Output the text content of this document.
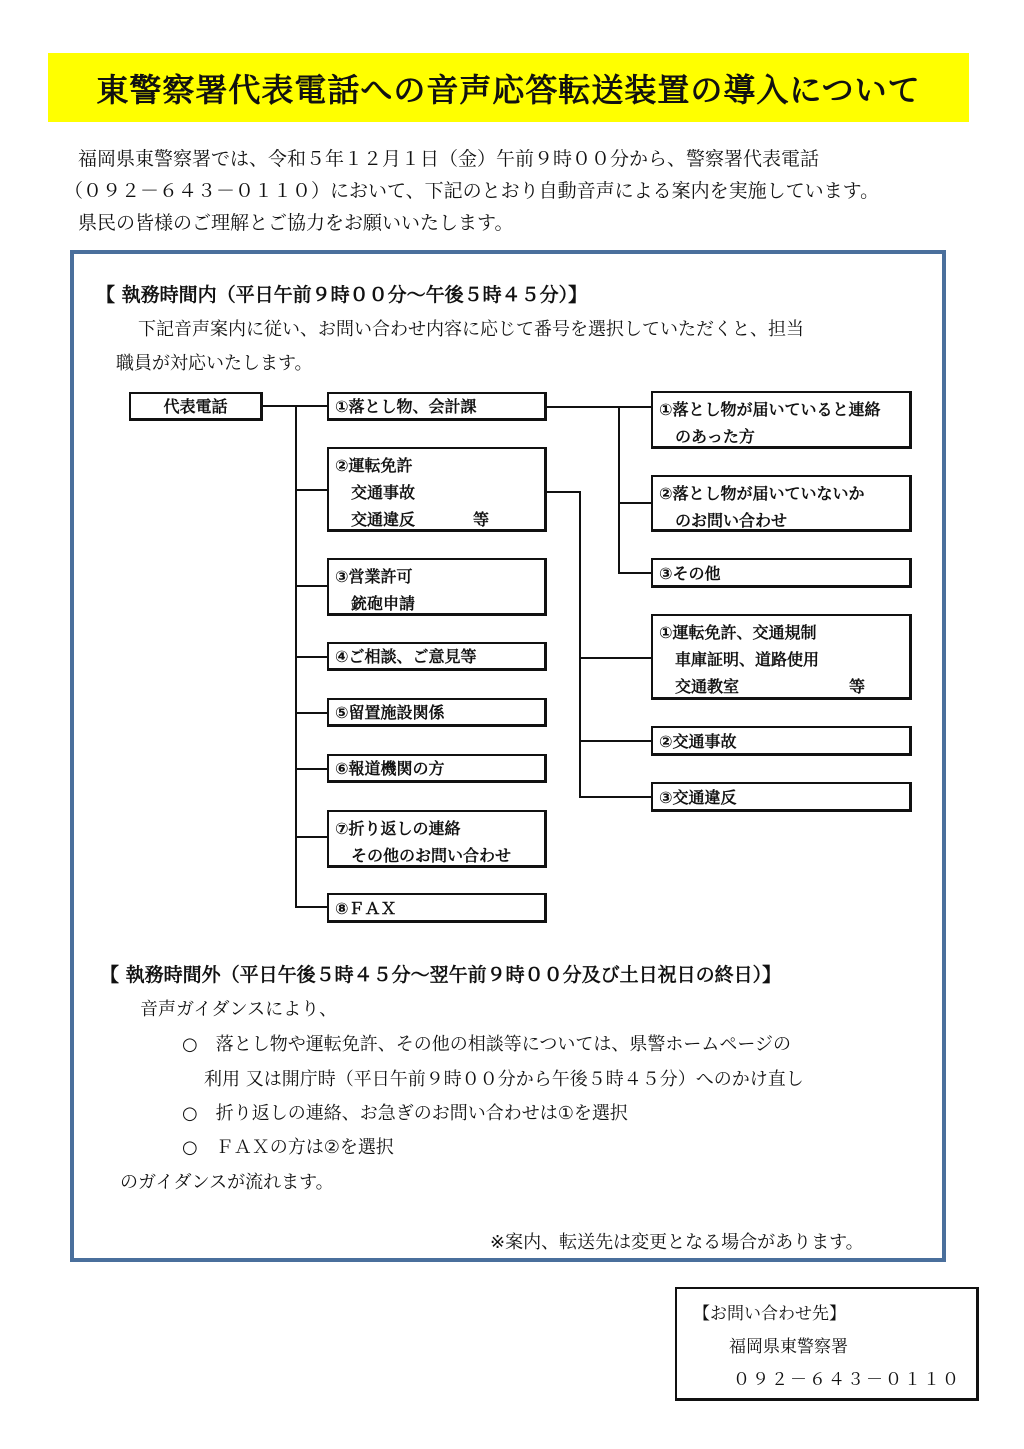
東警察署代表電話への音声応答転送装置の導入について
福岡県東警察署では、令和５年１２月１日（金）午前９時００分から、警察署代表電話
（０９２－６４３－０１１０）において、下記のとおり自動音声による案内を実施しています。
県民の皆様のご理解とご協力をお願いいたします。
【 執務時間内（平日午前９時００分～午後５時４５分）】
下記音声案内に従い、お問い合わせ内容に応じて番号を選択していただくと、担当
職員が対応いたします。
代表電話	①落とし物、会計課
②運転免許
交通事故
交通違反	等
③営業許可
銃砲申請
④ご相談、ご意見等
⑤留置施設関係
⑥報道機関の方
⑦折り返しの連絡
その他のお問い合わせ
⑧ＦＡＸ
①落とし物が届いていると連絡
のあった方
②落とし物が届いていないか
のお問い合わせ
③その他
①運転免許、交通規制
車庫証明、道路使用
交通教室	等
②交通事故
③交通違反
【 執務時間外（平日午後５時４５分～翌午前９時００分及び土日祝日の終日）】
音声ガイダンスにより、
○　落とし物や運転免許、その他の相談等については、県警ホームページの
利用 又は開庁時（平日午前９時００分から午後５時４５分）へのかけ直し
○　折り返しの連絡、お急ぎのお問い合わせは①を選択
○　ＦＡＸの方は②を選択
のガイダンスが流れます。
※案内、転送先は変更となる場合があります。
【お問い合わせ先】
福岡県東警察署
０９２－６４３－０１１０
